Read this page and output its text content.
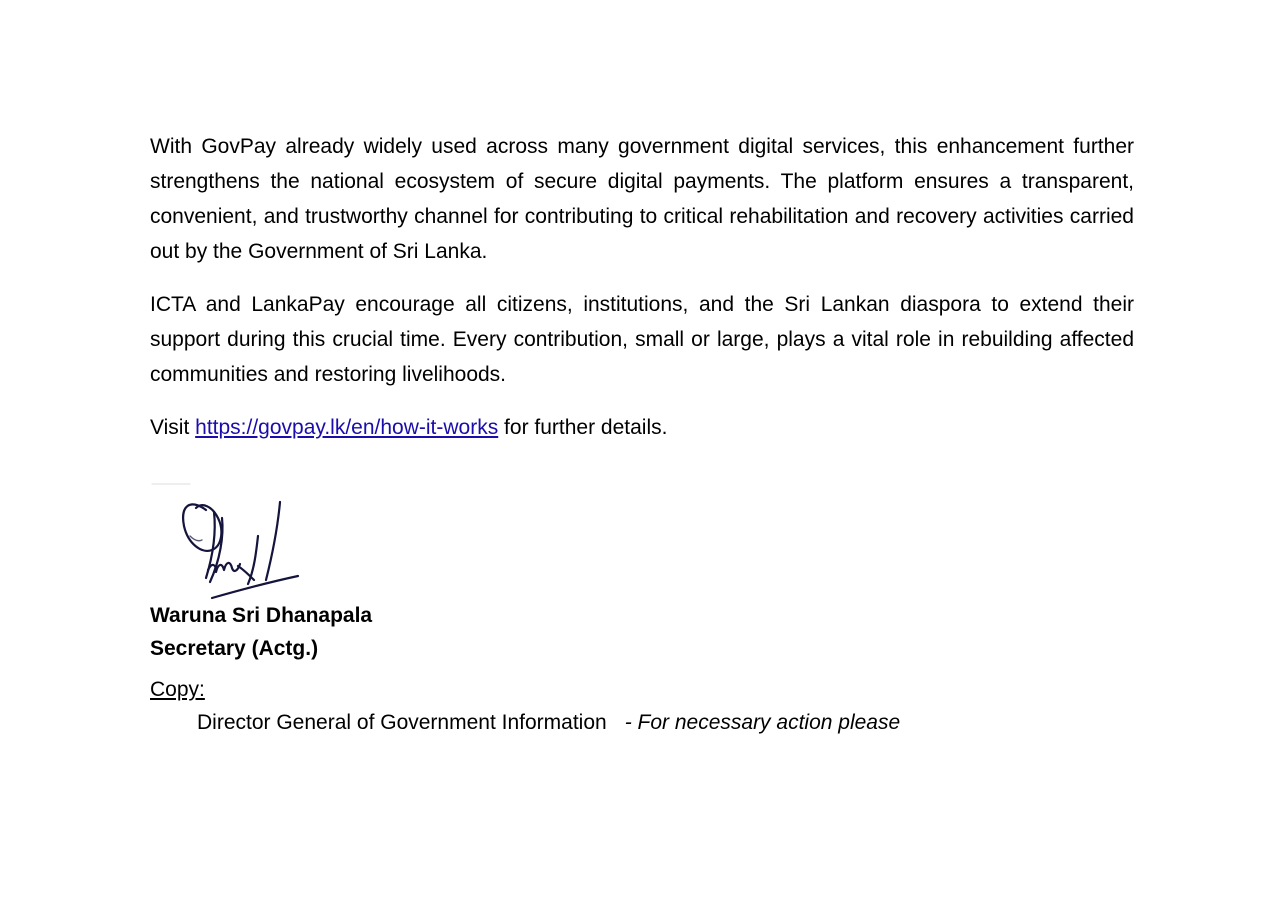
With GovPay already widely used across many government digital services, this enhancement further strengthens the national ecosystem of secure digital payments. The platform ensures a transparent, convenient, and trustworthy channel for contributing to critical rehabilitation and recovery activities carried out by the Government of Sri Lanka.

ICTA and LankaPay encourage all citizens, institutions, and the Sri Lankan diaspora to extend their support during this crucial time. Every contribution, small or large, plays a vital role in rebuilding affected communities and restoring livelihoods.

Visit https://govpay.lk/en/how-it-works for further details.

Waruna Sri Dhanapala

Secretary (Actg.)

Copy:

Director General of Government Information - For necessary action please
